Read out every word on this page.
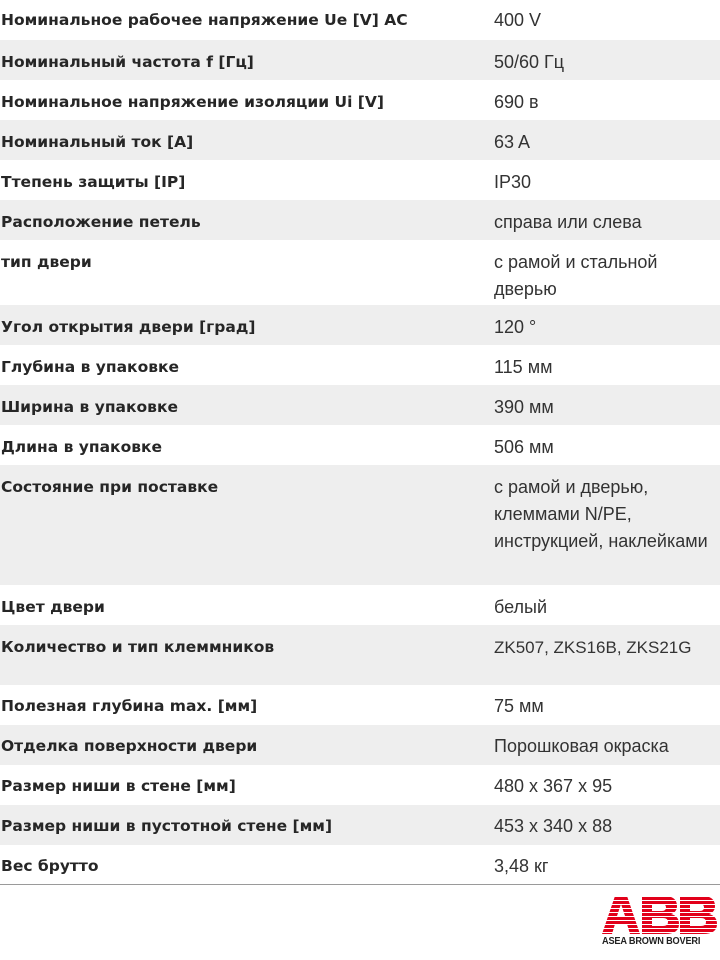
Номинальное рабочее напряжение Ue [V] АС	400 V
Номинальный частота f [Гц]	50/60 Гц
Номинальное напряжение изоляции Ui [V]	690 в
Номинальный ток [A]	63 A
Ттепень защиты [IP]	IP30
Расположение петель	справа или слева
тип двери	с рамой и стальной дверью
Угол открытия двери [град]	120 °
Глубина в упаковке	115 мм
Ширина в упаковке	390 мм
Длина в упаковке	506 мм
Состояние при поставке	с рамой и дверью, клеммами N/PE, инструкцией, наклейками
Цвет двери	белый
Количество и тип клеммников	ZK507, ZKS16B, ZKS21G
Полезная глубина max. [мм]	75 мм
Отделка поверхности двери	Порошковая окраска
Размер ниши в стене [мм]	480 x 367 x 95
Размер ниши в пустотной стене [мм]	453 x 340 x 88
Вес брутто	3,48 кг
ASEA BROWN BOVERI
